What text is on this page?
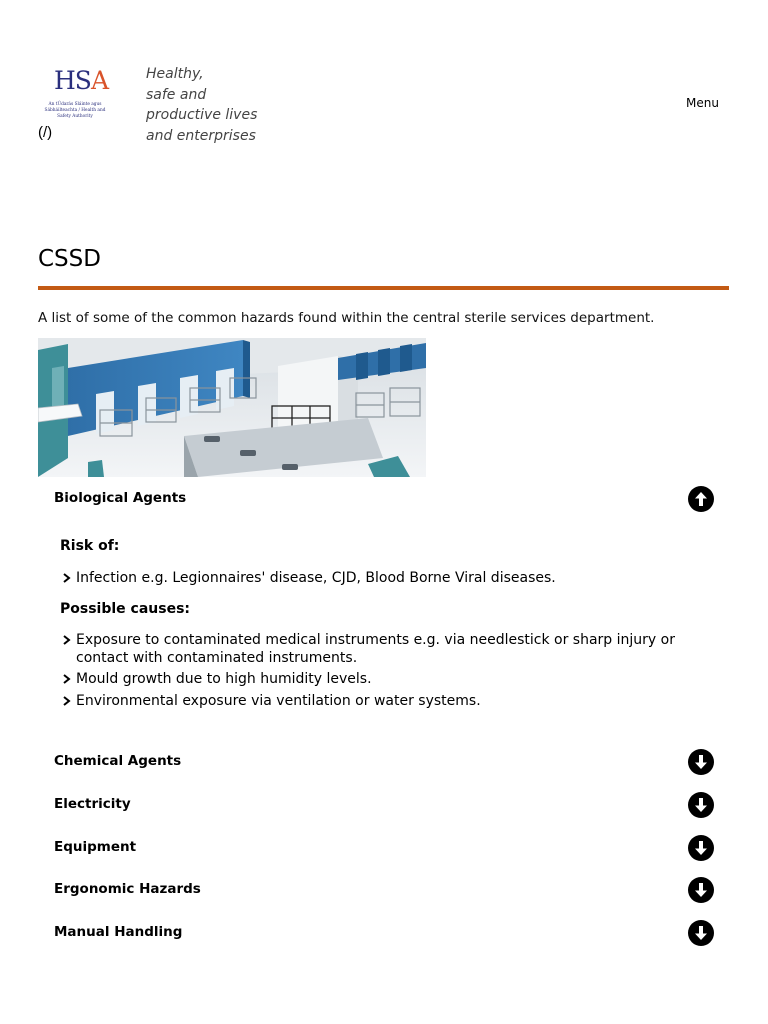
HSA
An tÚdarás Sláinte agus Sábháilteachta / Health and Safety Authority
(/)
Healthy,
safe and
productive lives
and enterprises
Menu
CSSD
A list of some of the common hazards found within the central sterile services department.
Biological Agents
Risk of:
Infection e.g. Legionnaires' disease, CJD, Blood Borne Viral diseases.
Possible causes:
Exposure to contaminated medical instruments e.g. via needlestick or sharp injury or contact with contaminated instruments.
Mould growth due to high humidity levels.
Environmental exposure via ventilation or water systems.
Chemical Agents
Electricity
Equipment
Ergonomic Hazards
Manual Handling
